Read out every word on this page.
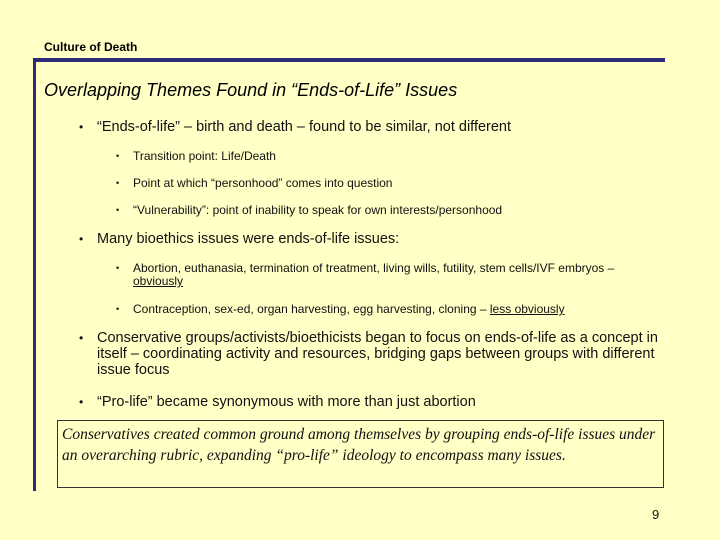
Culture of Death
Overlapping Themes Found in “Ends-of-Life” Issues
• “Ends-of-life” – birth and death – found to be similar, not different
• Transition point: Life/Death
• Point at which “personhood” comes into question
• “Vulnerability”: point of inability to speak for own interests/personhood
• Many bioethics issues were ends-of-life issues:
• Abortion, euthanasia, termination of treatment, living wills, futility, stem cells/IVF embryos – obviously
• Contraception, sex-ed, organ harvesting, egg harvesting, cloning – less obviously
• Conservative groups/activists/bioethicists began to focus on ends-of-life as a concept in itself – coordinating activity and resources, bridging gaps between groups with different issue focus
• “Pro-life” became synonymous with more than just abortion
Conservatives created common ground among themselves by grouping ends-of-life issues under an overarching rubric, expanding “pro-life” ideology to encompass many issues.
9
